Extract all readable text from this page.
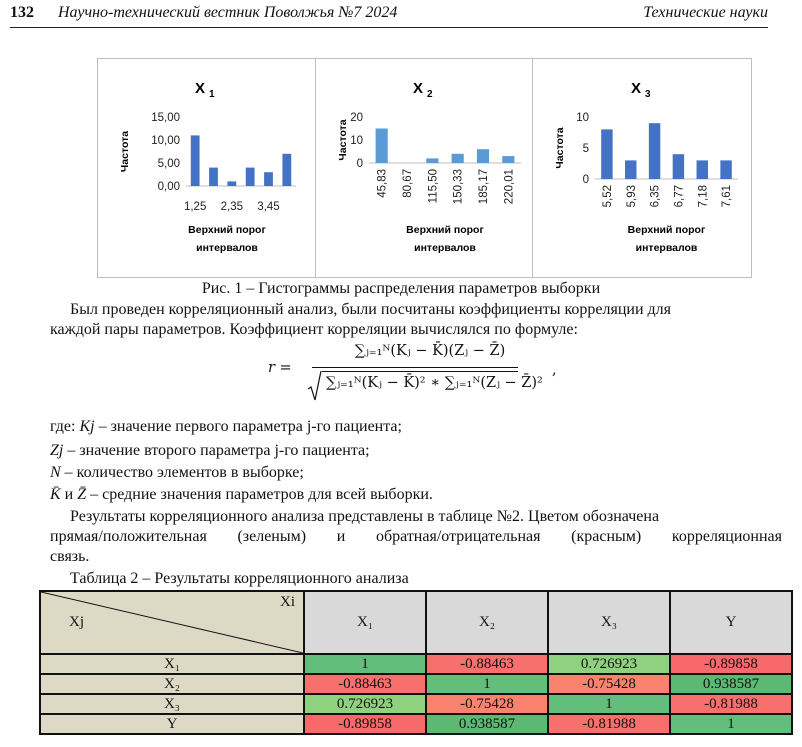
132 Научно-технический вестник Поволжья №7 2024	Технические науки
X 1
Частота
0,00
5,00
10,00
15,00
1,25 2,35 3,45
Верхний порог
интервалов
X 2
Частота
0
10
20
45,83 80,67 115,50 150,33 185,17 220,01
Верхний порог
интервалов
X 3
Частота
0
5
10
5,52 5,93 6,35 6,77 7,18 7,61
Верхний порог
интервалов
Рис. 1 – Гистограммы распределения параметров выборки
Был проведен корреляционный анализ, были посчитаны коэффициенты корреляции для
каждой пары параметров. Коэффициент корреляции вычислялся по формуле:
r =
∑ⱼ₌₁ᴺ(Kⱼ − K̄)(Zⱼ − Z̄)
∑ⱼ₌₁ᴺ(Kⱼ − K̄)² ∗ ∑ⱼ₌₁ᴺ(Zⱼ − Z̄)²
,
где: Kj – значение первого параметра j-го пациента;
Zj – значение второго параметра j-го пациента;
N – количество элементов в выборке;
K̄ и Z̄ – средние значения параметров для всей выборки.
Результаты корреляционного анализа представлены в таблице №2. Цветом обозначена
прямая/положительная (зеленым) и обратная/отрицательная (красным) корреляционная
связь.
Таблица 2 – Результаты корреляционного анализа
Xi
Xj	X₁	X₂	X₃	Y
X₁	1	-0.88463	0.726923	-0.89858
X₂	-0.88463	1	-0.75428	0.938587
X₃	0.726923	-0.75428	1	-0.81988
Y	-0.89858	0.938587	-0.81988	1
